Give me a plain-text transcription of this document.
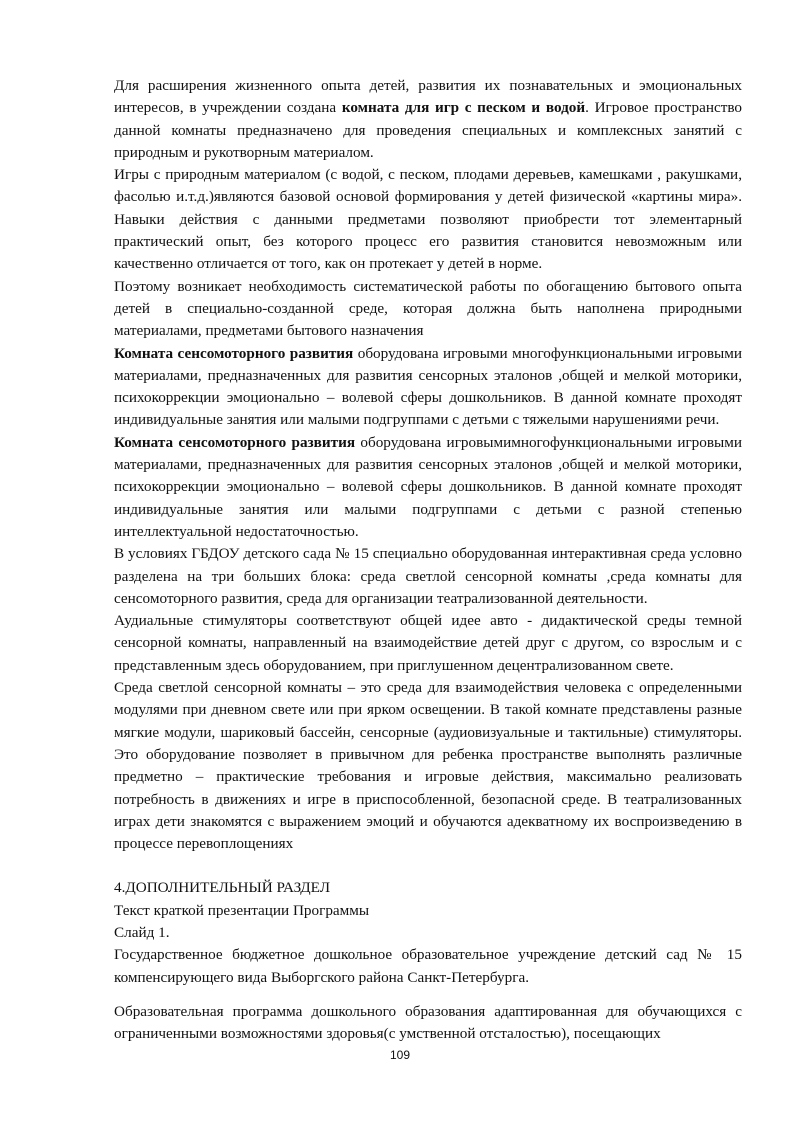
Для расширения жизненного опыта детей, развития их познавательных и эмоциональных интересов, в учреждении создана комната для игр с песком и водой. Игровое пространство данной комнаты предназначено для проведения специальных и комплексных занятий с природным и рукотворным материалом.

Игры с природным материалом (с водой, с песком, плодами деревьев, камешками , ракушками, фасолью и.т.д.)являются базовой основой формирования у детей физической «картины мира». Навыки действия с данными предметами позволяют приобрести тот элементарный практический опыт, без которого процесс его развития становится невозможным или качественно отличается от того, как он протекает у детей в норме.

Поэтому возникает необходимость систематической работы по обогащению бытового опыта детей в специально-созданной среде, которая должна быть наполнена природными материалами, предметами бытового назначения

Комната сенсомоторного развития оборудована игровыми многофункциональными игровыми материалами, предназначенных для развития сенсорных эталонов ,общей и мелкой моторики, психокоррекции эмоционально – волевой сферы дошкольников. В данной комнате проходят индивидуальные занятия или малыми подгруппами с детьми с тяжелыми нарушениями речи.

Комната сенсомоторного развития оборудована игровымимногофункциональными игровыми материалами, предназначенных для развития сенсорных эталонов ,общей и мелкой моторики, психокоррекции эмоционально – волевой сферы дошкольников. В данной комнате проходят индивидуальные занятия или малыми подгруппами с детьми с разной степенью интеллектуальной недостаточностью.

В условиях ГБДОУ детского сада № 15 специально оборудованная интерактивная среда условно разделена на три больших блока: среда светлой сенсорной комнаты ,среда комнаты для сенсомоторного развития, среда для организации театрализованной деятельности.

Аудиальные стимуляторы соответствуют общей идее авто - дидактической среды темной сенсорной комнаты, направленный на взаимодействие детей друг с другом, со взрослым и с представленным здесь оборудованием, при приглушенном децентрализованном свете.

Среда светлой сенсорной комнаты – это среда для взаимодействия человека с определенными модулями при дневном свете или при ярком освещении. В такой комнате представлены разные мягкие модули, шариковый бассейн, сенсорные (аудиовизуальные и тактильные) стимуляторы. Это оборудование позволяет в привычном для ребенка пространстве выполнять различные предметно – практические требования и игровые действия, максимально реализовать потребность в движениях и игре в приспособленной, безопасной среде. В театрализованных играх дети знакомятся с выражением эмоций и обучаются адекватному их воспроизведению в процессе перевоплощениях

4.ДОПОЛНИТЕЛЬНЫЙ РАЗДЕЛ

Текст краткой презентации Программы

Слайд 1.

Государственное бюджетное дошкольное образовательное учреждение детский сад № 15 компенсирующего вида Выборгского района Санкт-Петербурга.

Образовательная программа дошкольного образования адаптированная для обучающихся с ограниченными возможностями здоровья(с умственной отсталостью), посещающих

109
